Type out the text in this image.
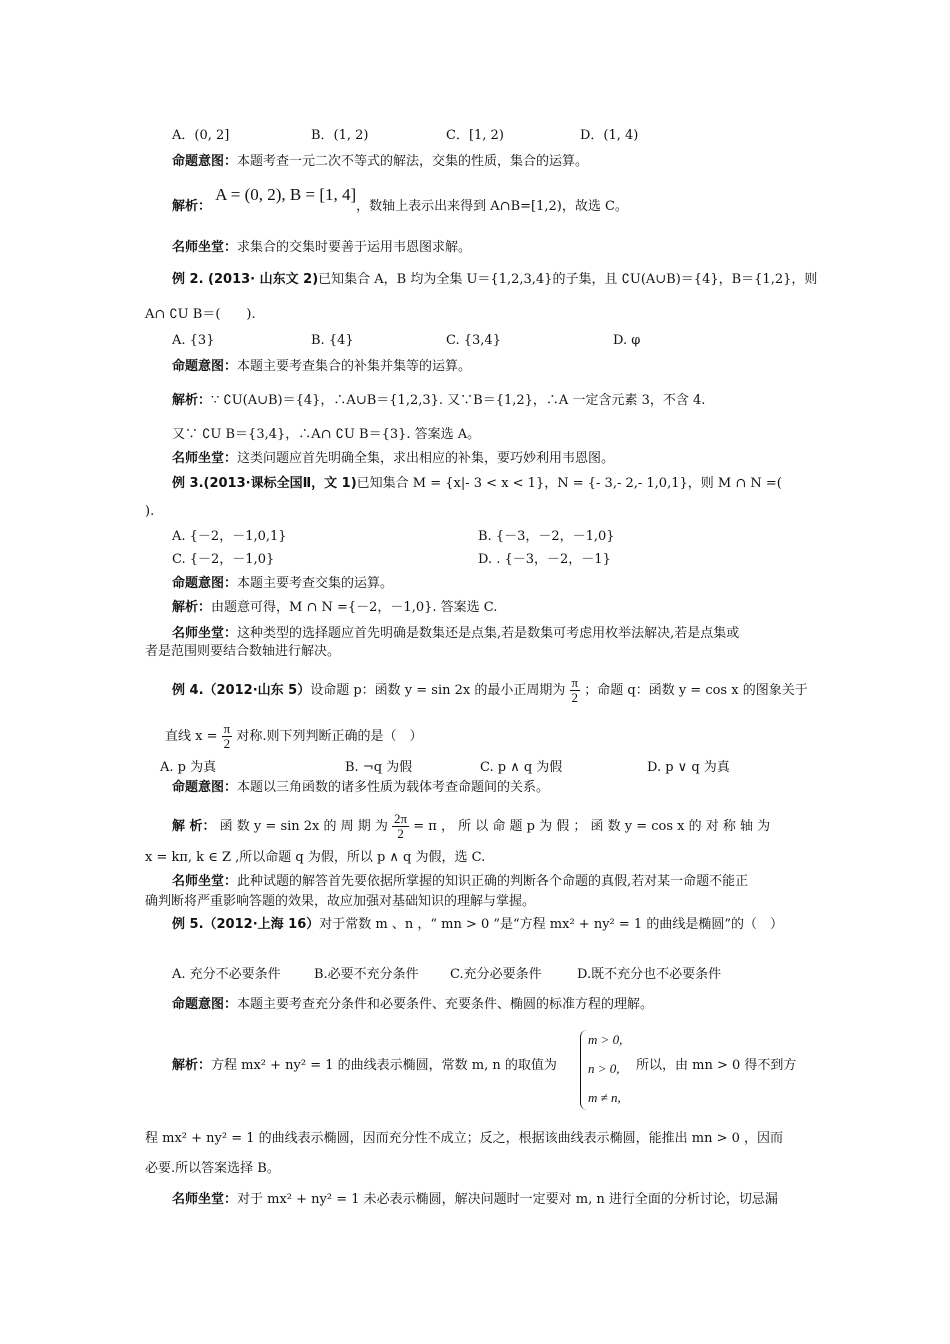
A．(0, 2]	B．(1, 2)	C．[1, 2)	D．(1, 4)
命题意图：本题考查一元二次不等式的解法，交集的性质，集合的运算。
解析： A = (0, 2), B = [1, 4]，数轴上表示出来得到 A∩B=[1,2)，故选 C。
名师坐堂：求集合的交集时要善于运用韦恩图求解。
例 2. (2013· 山东文 2)已知集合 A，B 均为全集 U＝{1,2,3,4}的子集，且 ∁U(A∪B)＝{4}，B＝{1,2}，则
A∩ ∁U B＝(　　).
A. {3}	B. {4}	C. {3,4}	D. φ
命题意图：本题主要考查集合的补集并集等的运算。
解析：∵ ∁U(A∪B)＝{4}，∴A∪B＝{1,2,3}. 又∵B＝{1,2}，∴A 一定含元素 3，不含 4.
又∵ ∁U B＝{3,4}，∴A∩ ∁U B＝{3}. 答案选 A。
名师坐堂：这类问题应首先明确全集，求出相应的补集，要巧妙利用韦恩图。
例 3.(2013·课标全国Ⅱ，文 1)已知集合 M = {x|- 3 < x < 1}，N = {- 3,- 2,- 1,0,1}，则 M ∩ N =(
).
A. {－2，－1,0,1}	B. {－3，－2，－1,0}
C. {－2，－1,0}	D. . {－3，－2，－1}
命题意图：本题主要考查交集的运算。
解析：由题意可得，M ∩ N ={－2，－1,0}. 答案选 C.
名师坐堂：这种类型的选择题应首先明确是数集还是点集,若是数集可考虑用枚举法解决,若是点集或
者是范围则要结合数轴进行解决。
例 4.（2012·山东 5）设命题 p：函数 y = sin 2x 的最小正周期为 $\frac{\pi}{2}$ ；命题 q：函数 y = cos x 的图象关于
直线 $x = \frac{\pi}{2}$ 对称.则下列判断正确的是（　）
A. p 为真	B. ¬q 为假	C. p ∧ q 为假	D. p ∨ q 为真
命题意图：本题以三角函数的诸多性质为载体考查命题间的关系。
解 析： 函 数 y = sin 2x 的 周 期 为 $\frac{2\pi}{2} = \pi$ ， 所 以 命 题 p 为 假 ； 函 数 y = cos x 的 对 称 轴 为
x = kπ, k ∈ Z ,所以命题 q 为假，所以 p ∧ q 为假，选 C.
名师坐堂：此种试题的解答首先要依据所掌握的知识正确的判断各个命题的真假,若对某一命题不能正
确判断将严重影响答题的效果，故应加强对基础知识的理解与掌握。
例 5.（2012·上海 16）对于常数 m 、n ，“ mn > 0 ”是“方程 mx² + ny² = 1 的曲线是椭圆”的（　）
A. 充分不必要条件	B.必要不充分条件 C.充分必要条件	D.既不充分也不必要条件
命题意图：本题主要考查充分条件和必要条件、充要条件、椭圆的标准方程的理解。
解析：方程 mx² + ny² = 1 的曲线表示椭圆，常数 m, n 的取值为
m > 0,
n > 0,
m ≠ n,
所以，由 mn > 0 得不到方
程 mx² + ny² = 1 的曲线表示椭圆，因而充分性不成立；反之，根据该曲线表示椭圆，能推出 mn > 0 ，因而
必要.所以答案选择 B。
名师坐堂：对于 mx² + ny² = 1 未必表示椭圆，解决问题时一定要对 m, n 进行全面的分析讨论，切忌漏
